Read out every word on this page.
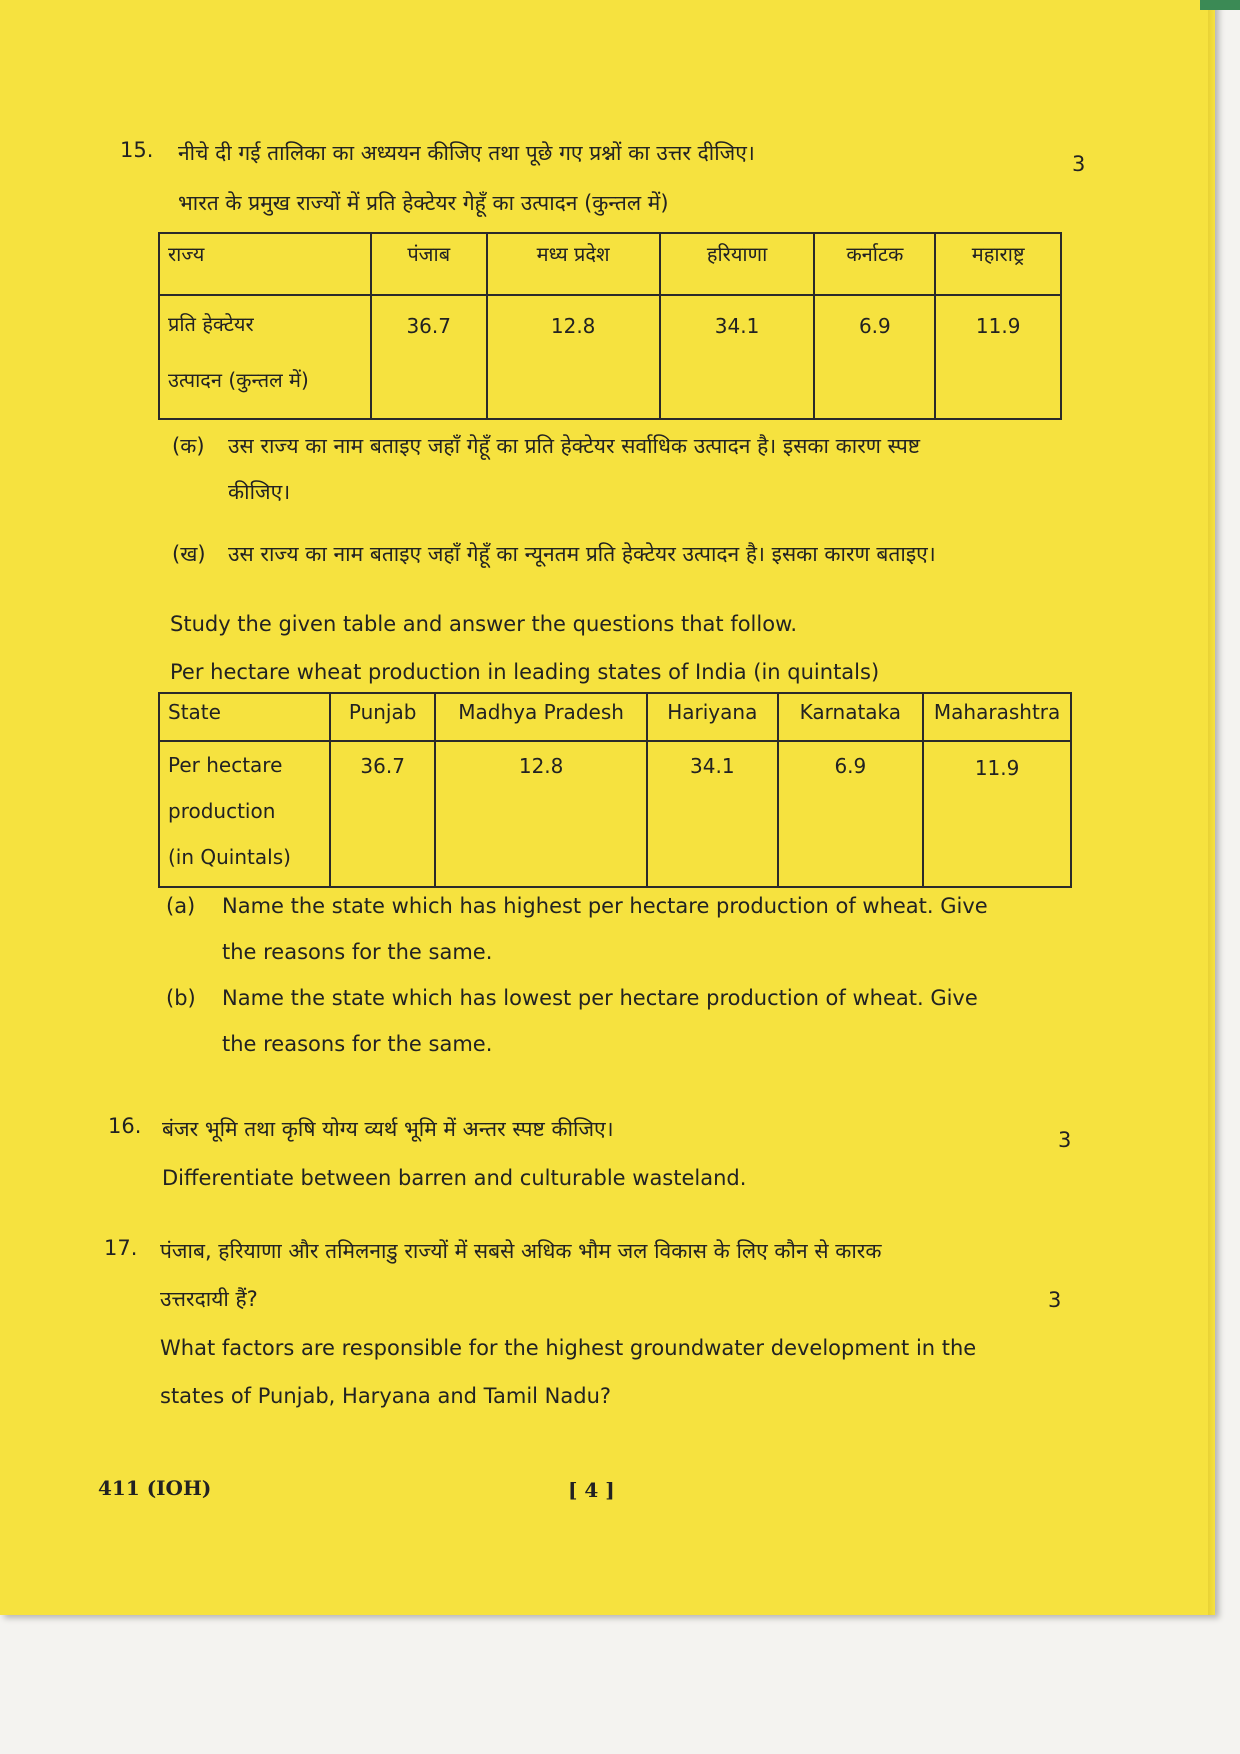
15.
3
नीचे दी गई तालिका का अध्ययन कीजिए तथा पूछे गए प्रश्नों का उत्तर दीजिए।
भारत के प्रमुख राज्यों में प्रति हेक्टेयर गेहूँ का उत्पादन (कुन्तल में)
राज्य	पंजाब	मध्य प्रदेश	हरियाणा	कर्नाटक	महाराष्ट्र

प्रति हेक्टेयर
उत्पादन (कुन्तल में)	36.7	12.8	34.1	6.9	11.9
(क) उस राज्य का नाम बताइए जहाँ गेहूँ का प्रति हेक्टेयर सर्वाधिक उत्पादन है। इसका कारण स्पष्ट
कीजिए।
(ख) उस राज्य का नाम बताइए जहाँ गेहूँ का न्यूनतम प्रति हेक्टेयर उत्पादन है। इसका कारण बताइए।
Study the given table and answer the questions that follow.
Per hectare wheat production in leading states of India (in quintals)
State	Punjab	Madhya Pradesh	Hariyana	Karnataka	Maharashtra

Per hectare
production
(in Quintals)	36.7	12.8	34.1	6.9	11.9
(a) Name the state which has highest per hectare production of wheat. Give
the reasons for the same.
(b) Name the state which has lowest per hectare production of wheat. Give
the reasons for the same.
16.
3
बंजर भूमि तथा कृषि योग्य व्यर्थ भूमि में अन्तर स्पष्ट कीजिए।
Differentiate between barren and culturable wasteland.
17. पंजाब, हरियाणा और तमिलनाडु राज्यों में सबसे अधिक भौम जल विकास के लिए कौन से कारक
उत्तरदायी हैं?	3
What factors are responsible for the highest groundwater development in the
states of Punjab, Haryana and Tamil Nadu?
411 (IOH)	[ 4 ]
